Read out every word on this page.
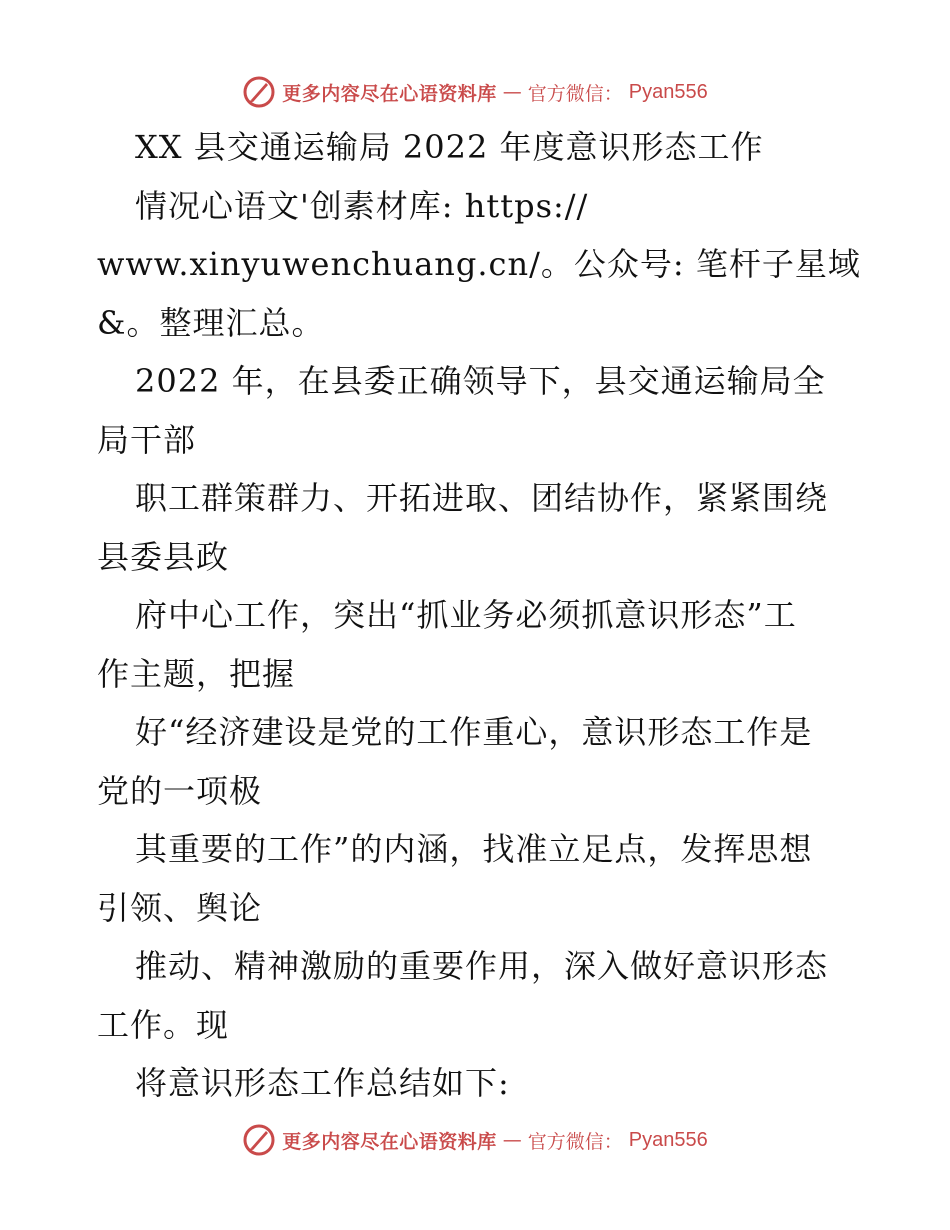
更多内容尽在心语资料库 — 官方微信： Pyan556
XX 县交通运输局 2022 年度意识形态工作
情况心语文'创素材库: https://
www.xinyuwenchuang.cn/。公众号: 笔杆子星域
&。整理汇总。
2022 年，在县委正确领导下，县交通运输局全
局干部
职工群策群力、开拓进取、团结协作，紧紧围绕
县委县政
府中心工作，突出“抓业务必须抓意识形态”工
作主题，把握
好“经济建设是党的工作重心，意识形态工作是
党的一项极
其重要的工作”的内涵，找准立足点，发挥思想
引领、舆论
推动、精神激励的重要作用，深入做好意识形态
工作。现
将意识形态工作总结如下:
更多内容尽在心语资料库 — 官方微信： Pyan556
